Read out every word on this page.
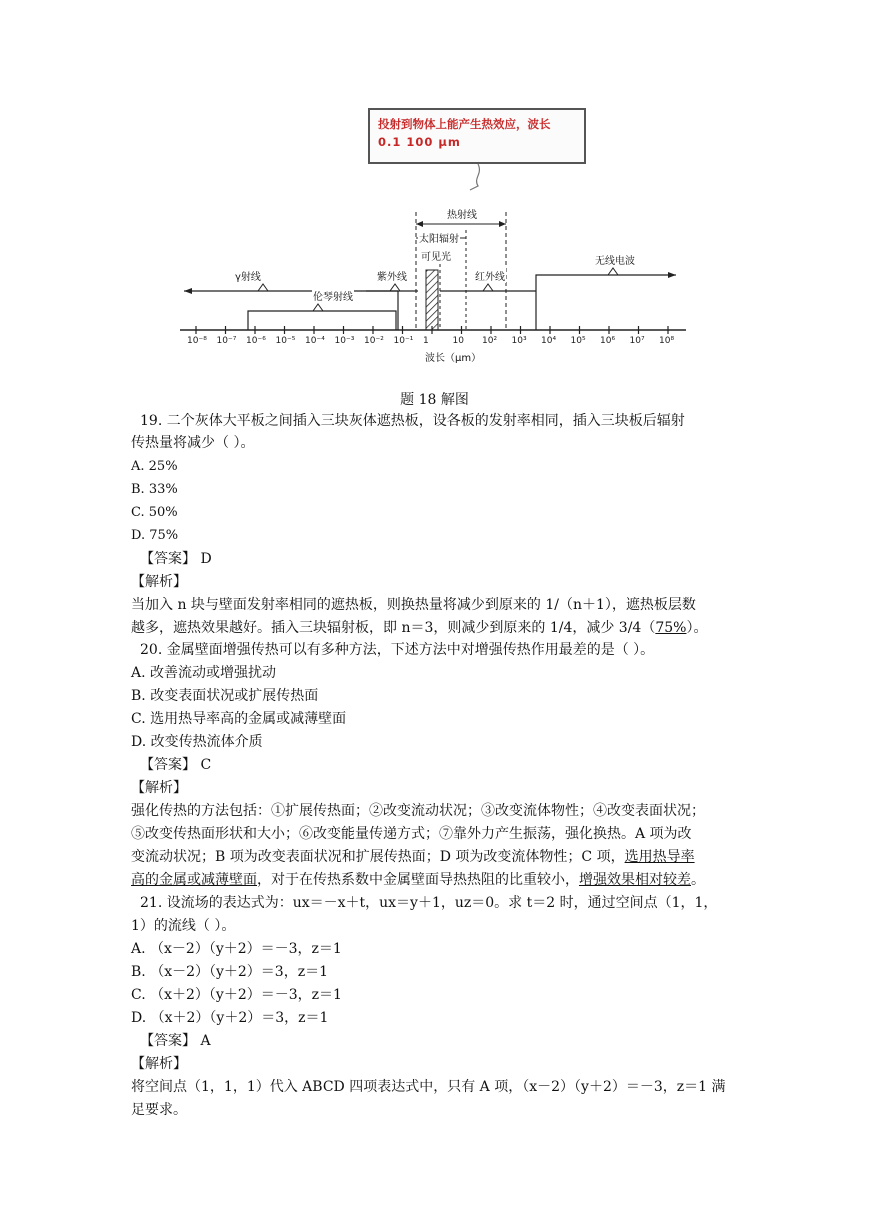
投射到物体上能产生热效应，波长
0.1 100 μm
热射线
太阳辐射
可见光
γ射线
伦琴射线
紫外线	红外线
无线电波
波长（μm）
10⁻⁸ 10⁻⁷ 10⁻⁶ 10⁻⁵ 10⁻⁴ 10⁻³ 10⁻² 10⁻¹ 1	10 10² 10³ 10⁴ 10⁵ 10⁶ 10⁷ 10⁸
题 18 解图
19. 二个灰体大平板之间插入三块灰体遮热板，设各板的发射率相同，插入三块板后辐射
传热量将减少（ ）。
A. 25%
B. 33%
C. 50%
D. 75%
【答案】 D
【解析】
当加入 n 块与壁面发射率相同的遮热板，则换热量将减少到原来的 1/（n＋1），遮热板层数
越多，遮热效果越好。插入三块辐射板，即 n＝3，则减少到原来的 1/4，减少 3/4（75%）。
20. 金属壁面增强传热可以有多种方法，下述方法中对增强传热作用最差的是（ ）。
A. 改善流动或增强扰动
B. 改变表面状况或扩展传热面
C. 选用热导率高的金属或减薄壁面
D. 改变传热流体介质
【答案】 C
【解析】
强化传热的方法包括：①扩展传热面；②改变流动状况；③改变流体物性；④改变表面状况；
⑤改变传热面形状和大小；⑥改变能量传递方式；⑦靠外力产生振荡，强化换热。A 项为改
变流动状况；B 项为改变表面状况和扩展传热面；D 项为改变流体物性；C 项，选用热导率
高的金属或减薄壁面，对于在传热系数中金属壁面导热热阻的比重较小，增强效果相对较差。
21. 设流场的表达式为：ux＝－x＋t，ux＝y＋1，uz＝0。求 t＝2 时，通过空间点（1，1，
1）的流线（ ）。
A. （x－2）（y＋2）＝－3，z＝1
B. （x－2）（y＋2）＝3，z＝1
C. （x＋2）（y＋2）＝－3，z＝1
D. （x＋2）（y＋2）＝3，z＝1
【答案】 A
【解析】
将空间点（1，1，1）代入 ABCD 四项表达式中，只有 A 项，（x－2）（y＋2）＝－3，z＝1 满
足要求。
